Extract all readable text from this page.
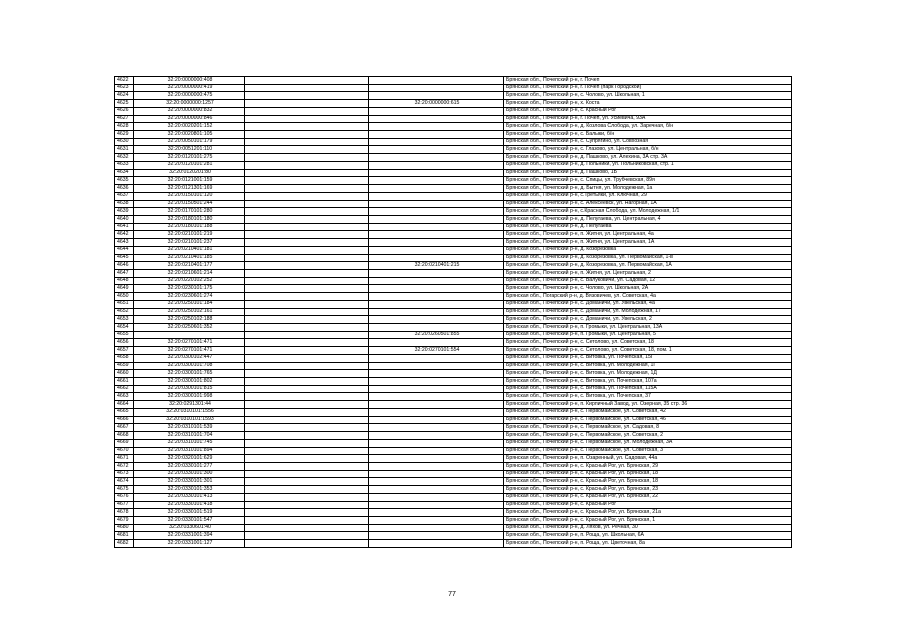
4622	32:20:0000000:408			Брянская обл., Почепский р-н, г. Почеп
4623	32:20:0000000:419			Брянская обл., Почепский р-н, г. Почеп (парк Городской)
4624	32:20:0000000:475			Брянская обл., Почепский р-н, с. Чолово, ул. Школьная, 1
4625	32:20:0000000:1257		32:20:0000000:615	Брянская обл., Почепский р-н, х. Коста
4626	32:20:0000000:832			Брянская обл., Почепский р-н, с. Красный Рог
4627	32:20:0000000:846			Брянская обл., Почепский р-н, г. Почеп, ул. Усиевича, 93А
4628	32:20:0020201:152			Брянская обл., Почепский р-н, д. Козлова Слобода, ул. Заречная, б/н
4629	32:20:0020801:105			Брянская обл., Почепский р-н, с. Балыки, б/н
4630	32:20:0050101:179			Брянская обл., Почепский р-н, с. Супрягино, ул. Совхозная
4631	32:20:0051201:110			Брянская обл., Почепский р-н, с. Глазово, ул. Центральная, б/н
4632	32:20:0120101:275			Брянская обл., Почепский р-н, д. Пашково, ул. Алехина, 3А стр. 3А
4633	32:20:0120101:281			Брянская обл., Почепский р-н, д. Польники, ул. Польниковская, стр. 1
4634	32:20:0120201:80			Брянская обл., Почепский р-н, д. Пашково, 1Б
4635	32:20:0121001:159			Брянская обл., Почепский р-н, с. Спицы, ул. Трубчевская, 89я
4636	32:20:0121301:169			Брянская обл., Почепский р-н, д. Бытня, ул. Молодежная, 1а
4637	32:20:0150101:120			Брянская обл., Почепский р-н, с.Третьяки, ул. Ключная, 29
4638	32:20:0150501:244			Брянская обл., Почепский р-н, с. Алексеевск, ул. Нагорная, 1А
4639	32:20:0170101:280			Брянская обл., Почепский р-н, с.Красная Слобода, ул. Молодежная, 1/1
4640	32:20:0180101:180			Брянская обл., Почепский р-н, д. Пелугаева, ул. Центральная, 4
4641	32:20:0180101:188			Брянская обл., Почепский р-н, д. Пелугаева
4642	32:20:0210101:219			Брянская обл., Почепский р-н, п. Житня, ул. Центральная, 4а
4643	32:20:0210101:237			Брянская обл., Почепский р-н, п. Житня, ул. Центральная, 1А
4644	32:20:0210401:181			Брянская обл., Почепский р-н, д. Козорезовка
4645	32:20:0210401:185			Брянская обл., Почепский р-н, д. Козорезовка, ул. Первомайская, 1-в
4646	32:20:0210401:177		32:20:0210401:215	Брянская обл., Почепский р-н, д. Козорезовка, ул. Первомайская, 1А
4647	32:20:0210601:214			Брянская обл., Почепский р-н, п. Житня, ул. Центральная, 2
4648	32:20:0220102:252			Брянская обл., Почепский р-н, с. Валуковичи, ул. Садовая, 12
4649	32:20:0230101:175			Брянская обл., Почепский р-н, с. Чолово, ул. Школьная, 2А
4650	32:20:0230601:274			Брянская обл., Погарский р-н, д. Вязовичев, ул. Советская, 4а
4651	32:20:0250101:184			Брянская обл., Почепский р-н, с. Доманичи, ул. Увельская, 4а
4652	32:20:0250102:161			Брянская обл., Почепский р-н, с. Доманичи, ул. Молодежная, 17
4653	32:20:0250102:188			Брянская обл., Почепский р-н, с. Доманичи, ул. Увельская, 2
4654	32:20:0250601:352			Брянская обл., Почепский р-н, п. Громыки, ул. Центральная, 13А
4655			32:20:0260501:855	Брянская обл., Почепский р-н, п. Громыки, ул. Центральная, 5
4656	32:20:0270101:471			Брянская обл., Почепский р-н, с. Сетолово, ул. Советская, 18
4657	32:20:0270101:471		32:20:0270101:554	Брянская обл., Почепский р-н, с. Сетолово, ул. Советская, 18, пом. 1
4658	32:20:0300102:447			Брянская обл., Почепский р-н, с. Витовка, ул. Почепская, 15Г
4659	32:20:0300101:708			Брянская обл., Почепский р-н, с. Витовка, ул. Молодежная, 1Г
4660	32:20:0300101:765			Брянская обл., Почепский р-н, с. Витовка, ул. Молодежная, 1Д
4661	32:20:0300101:802			Брянская обл., Почепский р-н, с. Витовка, ул. Почепская, 107а
4662	32:20:0300101:815			Брянская обл., Почепский р-н, с. Витовка, ул. Почепская, 115А
4663	32:20:0300101:998			Брянская обл., Почепский р-н, с. Витовка, ул. Почепская, 37
4664	32:20:0291301:44			Брянская обл., Почепский р-н, п. Кирпичный Завод, ул. Озерная, 35 стр. 36
4665	32:20:0310101:1556			Брянская обл., Почепский р-н, с. Первомайское, ул. Советская, 42
4666	32:20:0310101:1593			Брянская обл., Почепский р-н, с. Первомайское, ул. Советская, 46
4667	32:20:0310101:539			Брянская обл., Почепский р-н, с. Первомайское, ул. Садовая, 8
4668	32:20:0310101:704			Брянская обл., Почепский р-н, с. Первомайское, ул. Советская, 2
4669	32:20:0310101:745			Брянская обл., Почепский р-н, с. Первомайское, ул. Молодежная, 3А
4670	32:20:0310101:894			Брянская обл., Почепский р-н, с. Первомайское, ул. Советская, 3
4671	32:20:0320101:629			Брянская обл., Почепский р-н, п. Озаренный, ул. Садовая, 44а
4672	32:20:0330101:277			Брянская обл., Почепский р-н, с. Красный Рог, ул. Брянская, 29
4673	32:20:0330101:300			Брянская обл., Почепский р-н, с. Красный Рог, ул. Брянская, 18
4674	32:20:0330101:301			Брянская обл., Почепский р-н, с. Красный Рог, ул. Брянская, 18
4675	32:20:0330101:353			Брянская обл., Почепский р-н, с. Красный Рог, ул. Брянская, 23
4676	32:20:0330101:413			Брянская обл., Почепский р-н, с. Красный Рог, ул. Брянская, 22
4677	32:20:0330101:418			Брянская обл., Почепский р-н, с. Красный Рог
4678	32:20:0330101:519			Брянская обл., Почепский р-н, с. Красный Рог, ул. Брянская, 21а
4679	32:20:0330101:547			Брянская обл., Почепский р-н, с. Красный Рог, ул. Брянская, 1
4680	32:20:0330601:40			Брянская обл., Почепский р-н, д. Ляхов, ул. Речная, 30
4681	32:20:0331001:394			Брянская обл., Почепский р-н, п. Роща, ул. Школьная, 6А
4682	32:20:0331001:127			Брянская обл., Почепский р-н, п. Роща, ул. Цветочная, 8а
77
